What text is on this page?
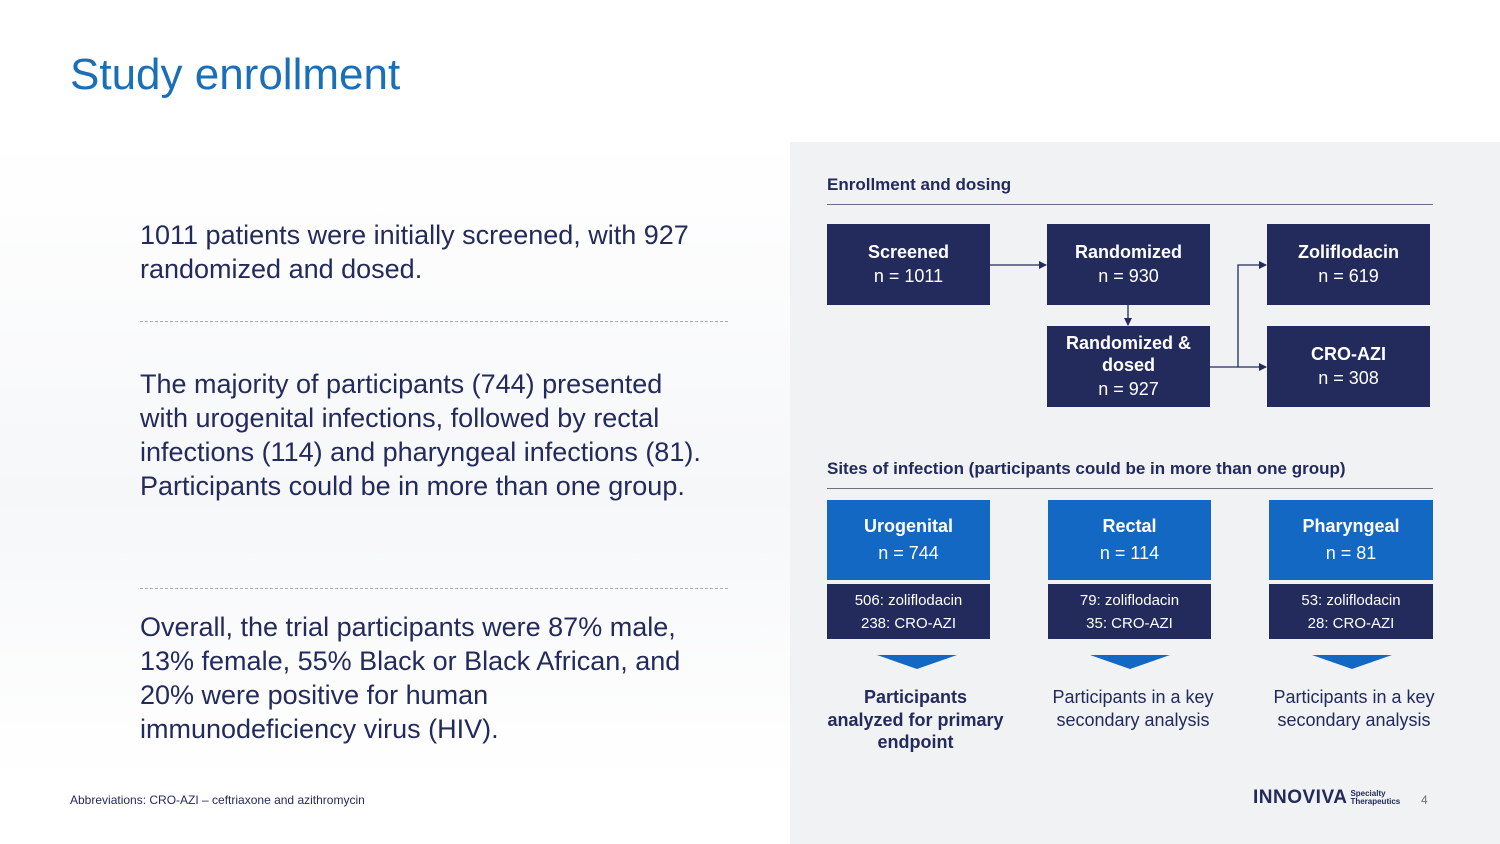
Study enrollment
1011 patients were initially screened, with 927 randomized and dosed.
The majority of participants (744) presented with urogenital infections, followed by rectal infections (114) and pharyngeal infections (81). Participants could be in more than one group.
Overall, the trial participants were 87% male, 13% female, 55% Black or Black African, and 20% were positive for human immunodeficiency virus (HIV).
Abbreviations: CRO-AZI – ceftriaxone and azithromycin
Enrollment and dosing
Screened
n = 1011
Randomized
n = 930
Zoliflodacin
n = 619
Randomized &
dosed
n = 927
CRO-AZI
n = 308
Sites of infection (participants could be in more than one group)
Urogenital
n = 744
506: zoliflodacin
238: CRO-AZI
Participants analyzed for primary endpoint
Rectal
n = 114
79: zoliflodacin
35: CRO-AZI
Participants in a key secondary analysis
Pharyngeal
n = 81
53: zoliflodacin
28: CRO-AZI
Participants in a key secondary analysis
INNOVIVA Specialty
Therapeutics 4
